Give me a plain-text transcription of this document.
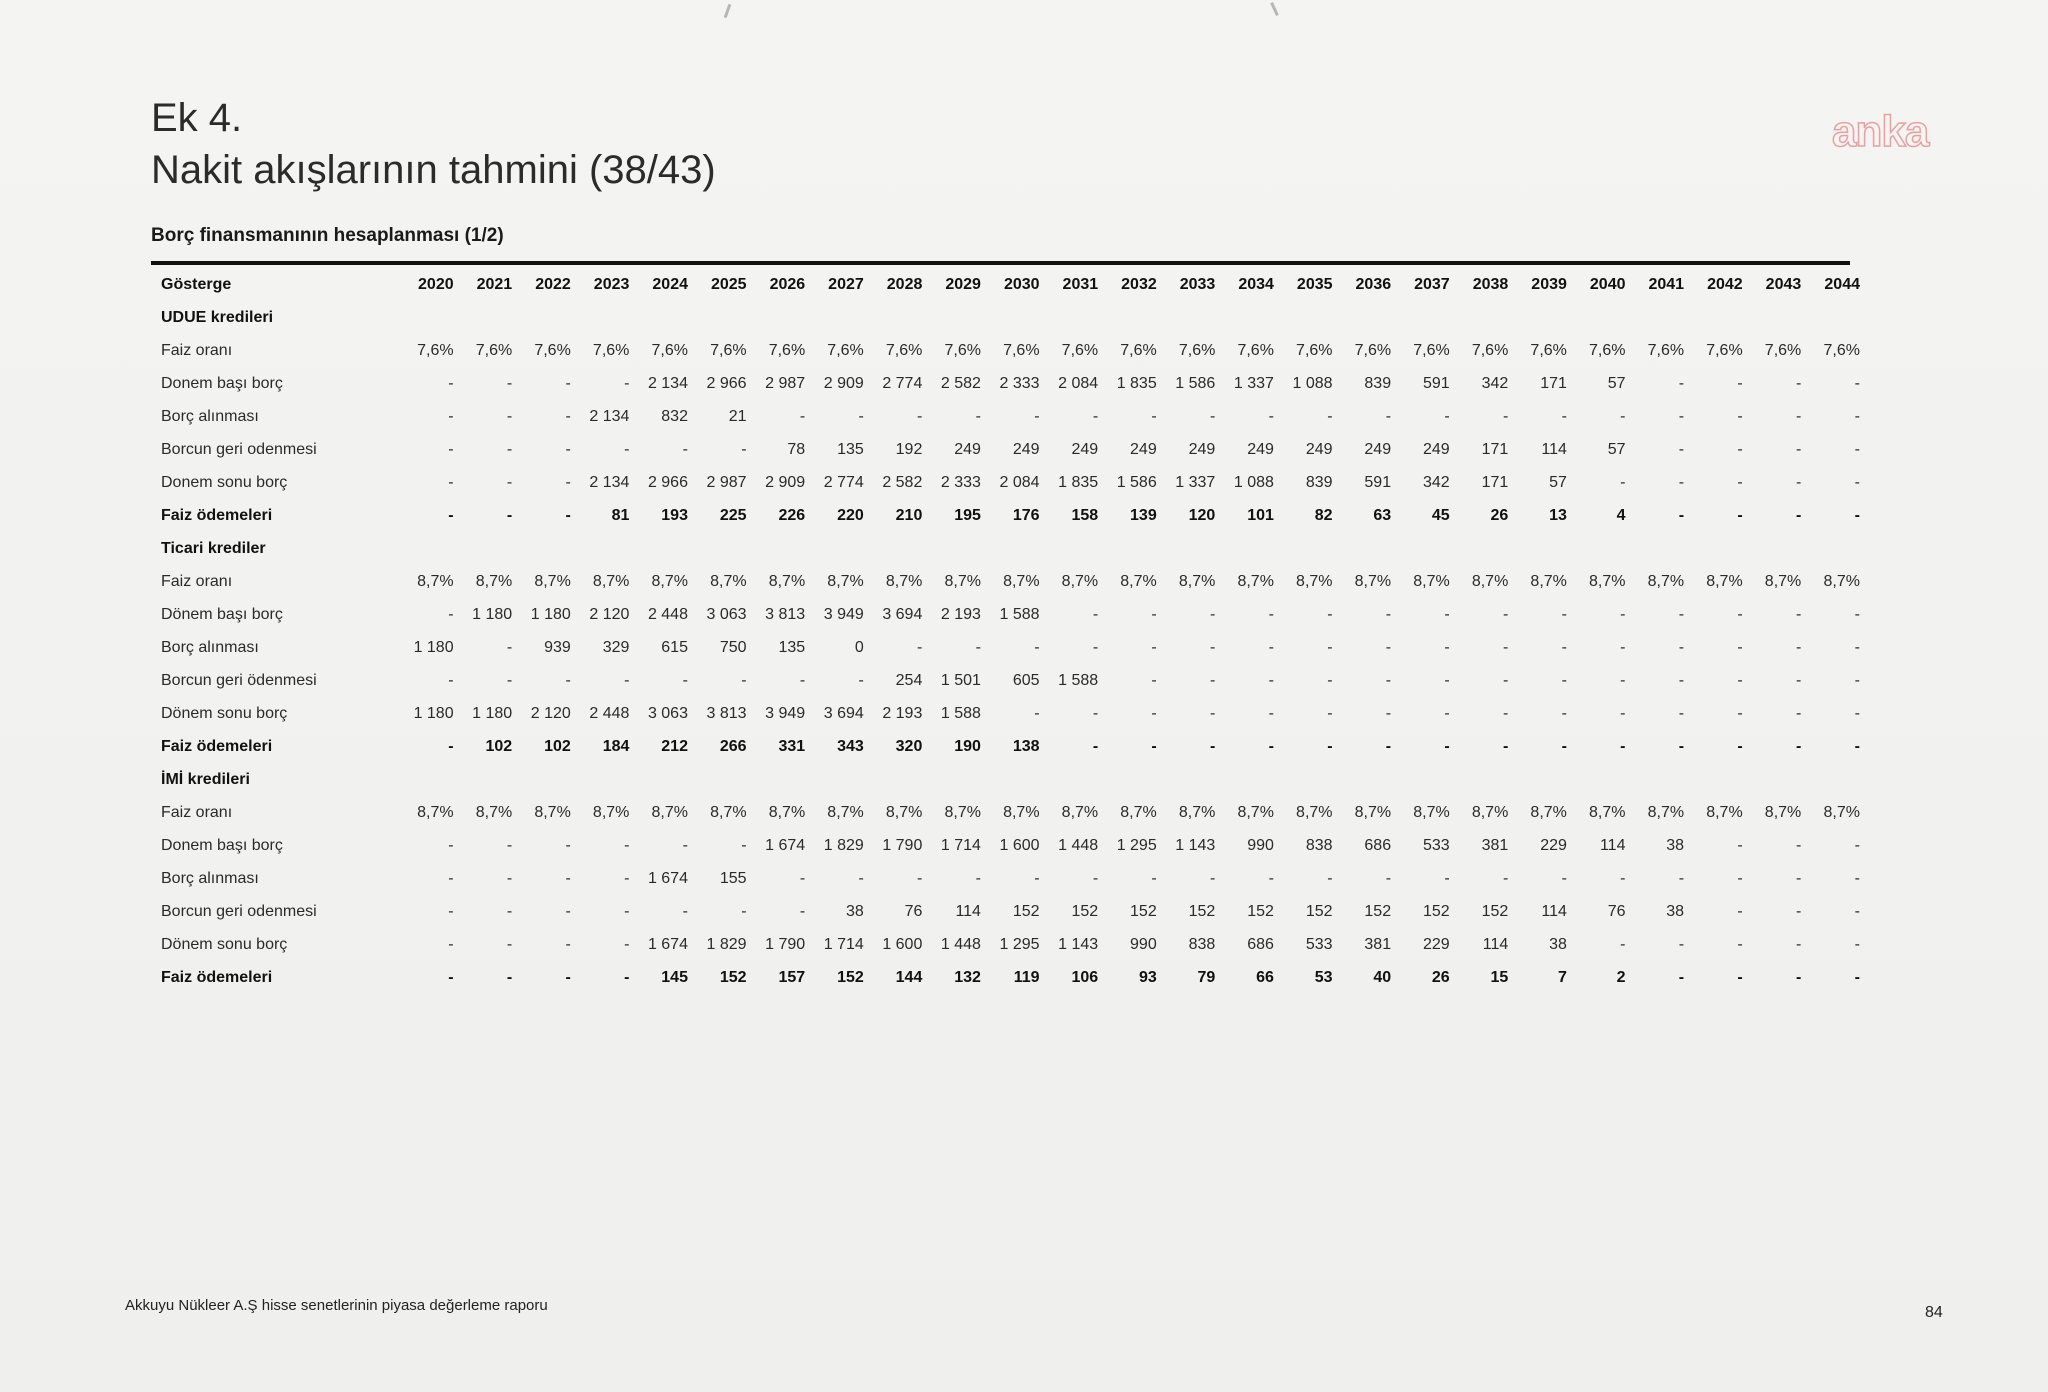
Ek 4.
Nakit akışlarının tahmini (38/43)
anka
Borç finansmanının hesaplanması (1/2)
Gösterge	2020	2021	2022	2023	2024	2025	2026	2027	2028	2029	2030	2031	2032	2033	2034	2035	2036	2037	2038	2039	2040	2041	2042	2043	2044
UDUE kredileri																									
Faiz oranı	7,6%	7,6%	7,6%	7,6%	7,6%	7,6%	7,6%	7,6%	7,6%	7,6%	7,6%	7,6%	7,6%	7,6%	7,6%	7,6%	7,6%	7,6%	7,6%	7,6%	7,6%	7,6%	7,6%	7,6%	7,6%
Donem başı borç	-	-	-	-	2 134	2 966	2 987	2 909	2 774	2 582	2 333	2 084	1 835	1 586	1 337	1 088	839	591	342	171	57	-	-	-	-
Borç alınması	-	-	-	2 134	832	21	-	-	-	-	-	-	-	-	-	-	-	-	-	-	-	-	-	-	-
Borcun geri odenmesi	-	-	-	-	-	-	78	135	192	249	249	249	249	249	249	249	249	249	171	114	57	-	-	-	-
Donem sonu borç	-	-	-	2 134	2 966	2 987	2 909	2 774	2 582	2 333	2 084	1 835	1 586	1 337	1 088	839	591	342	171	57	-	-	-	-	-
Faiz ödemeleri	-	-	-	81	193	225	226	220	210	195	176	158	139	120	101	82	63	45	26	13	4	-	-	-	-
Ticari krediler																									
Faiz oranı	8,7%	8,7%	8,7%	8,7%	8,7%	8,7%	8,7%	8,7%	8,7%	8,7%	8,7%	8,7%	8,7%	8,7%	8,7%	8,7%	8,7%	8,7%	8,7%	8,7%	8,7%	8,7%	8,7%	8,7%	8,7%
Dönem başı borç	-	1 180	1 180	2 120	2 448	3 063	3 813	3 949	3 694	2 193	1 588	-	-	-	-	-	-	-	-	-	-	-	-	-	-
Borç alınması	1 180	-	939	329	615	750	135	0	-	-	-	-	-	-	-	-	-	-	-	-	-	-	-	-	-
Borcun geri ödenmesi	-	-	-	-	-	-	-	-	254	1 501	605	1 588	-	-	-	-	-	-	-	-	-	-	-	-	-
Dönem sonu borç	1 180	1 180	2 120	2 448	3 063	3 813	3 949	3 694	2 193	1 588	-	-	-	-	-	-	-	-	-	-	-	-	-	-	-
Faiz ödemeleri	-	102	102	184	212	266	331	343	320	190	138	-	-	-	-	-	-	-	-	-	-	-	-	-	-
İMİ kredileri																									
Faiz oranı	8,7%	8,7%	8,7%	8,7%	8,7%	8,7%	8,7%	8,7%	8,7%	8,7%	8,7%	8,7%	8,7%	8,7%	8,7%	8,7%	8,7%	8,7%	8,7%	8,7%	8,7%	8,7%	8,7%	8,7%	8,7%
Donem başı borç	-	-	-	-	-	-	1 674	1 829	1 790	1 714	1 600	1 448	1 295	1 143	990	838	686	533	381	229	114	38	-	-	-
Borç alınması	-	-	-	-	1 674	155	-	-	-	-	-	-	-	-	-	-	-	-	-	-	-	-	-	-	-
Borcun geri odenmesi	-	-	-	-	-	-	-	38	76	114	152	152	152	152	152	152	152	152	152	114	76	38	-	-	-
Dönem sonu borç	-	-	-	-	1 674	1 829	1 790	1 714	1 600	1 448	1 295	1 143	990	838	686	533	381	229	114	38	-	-	-	-	-
Faiz ödemeleri	-	-	-	-	145	152	157	152	144	132	119	106	93	79	66	53	40	26	15	7	2	-	-	-	-
Akkuyu Nükleer A.Ş hisse senetlerinin piyasa değerleme raporu	84
